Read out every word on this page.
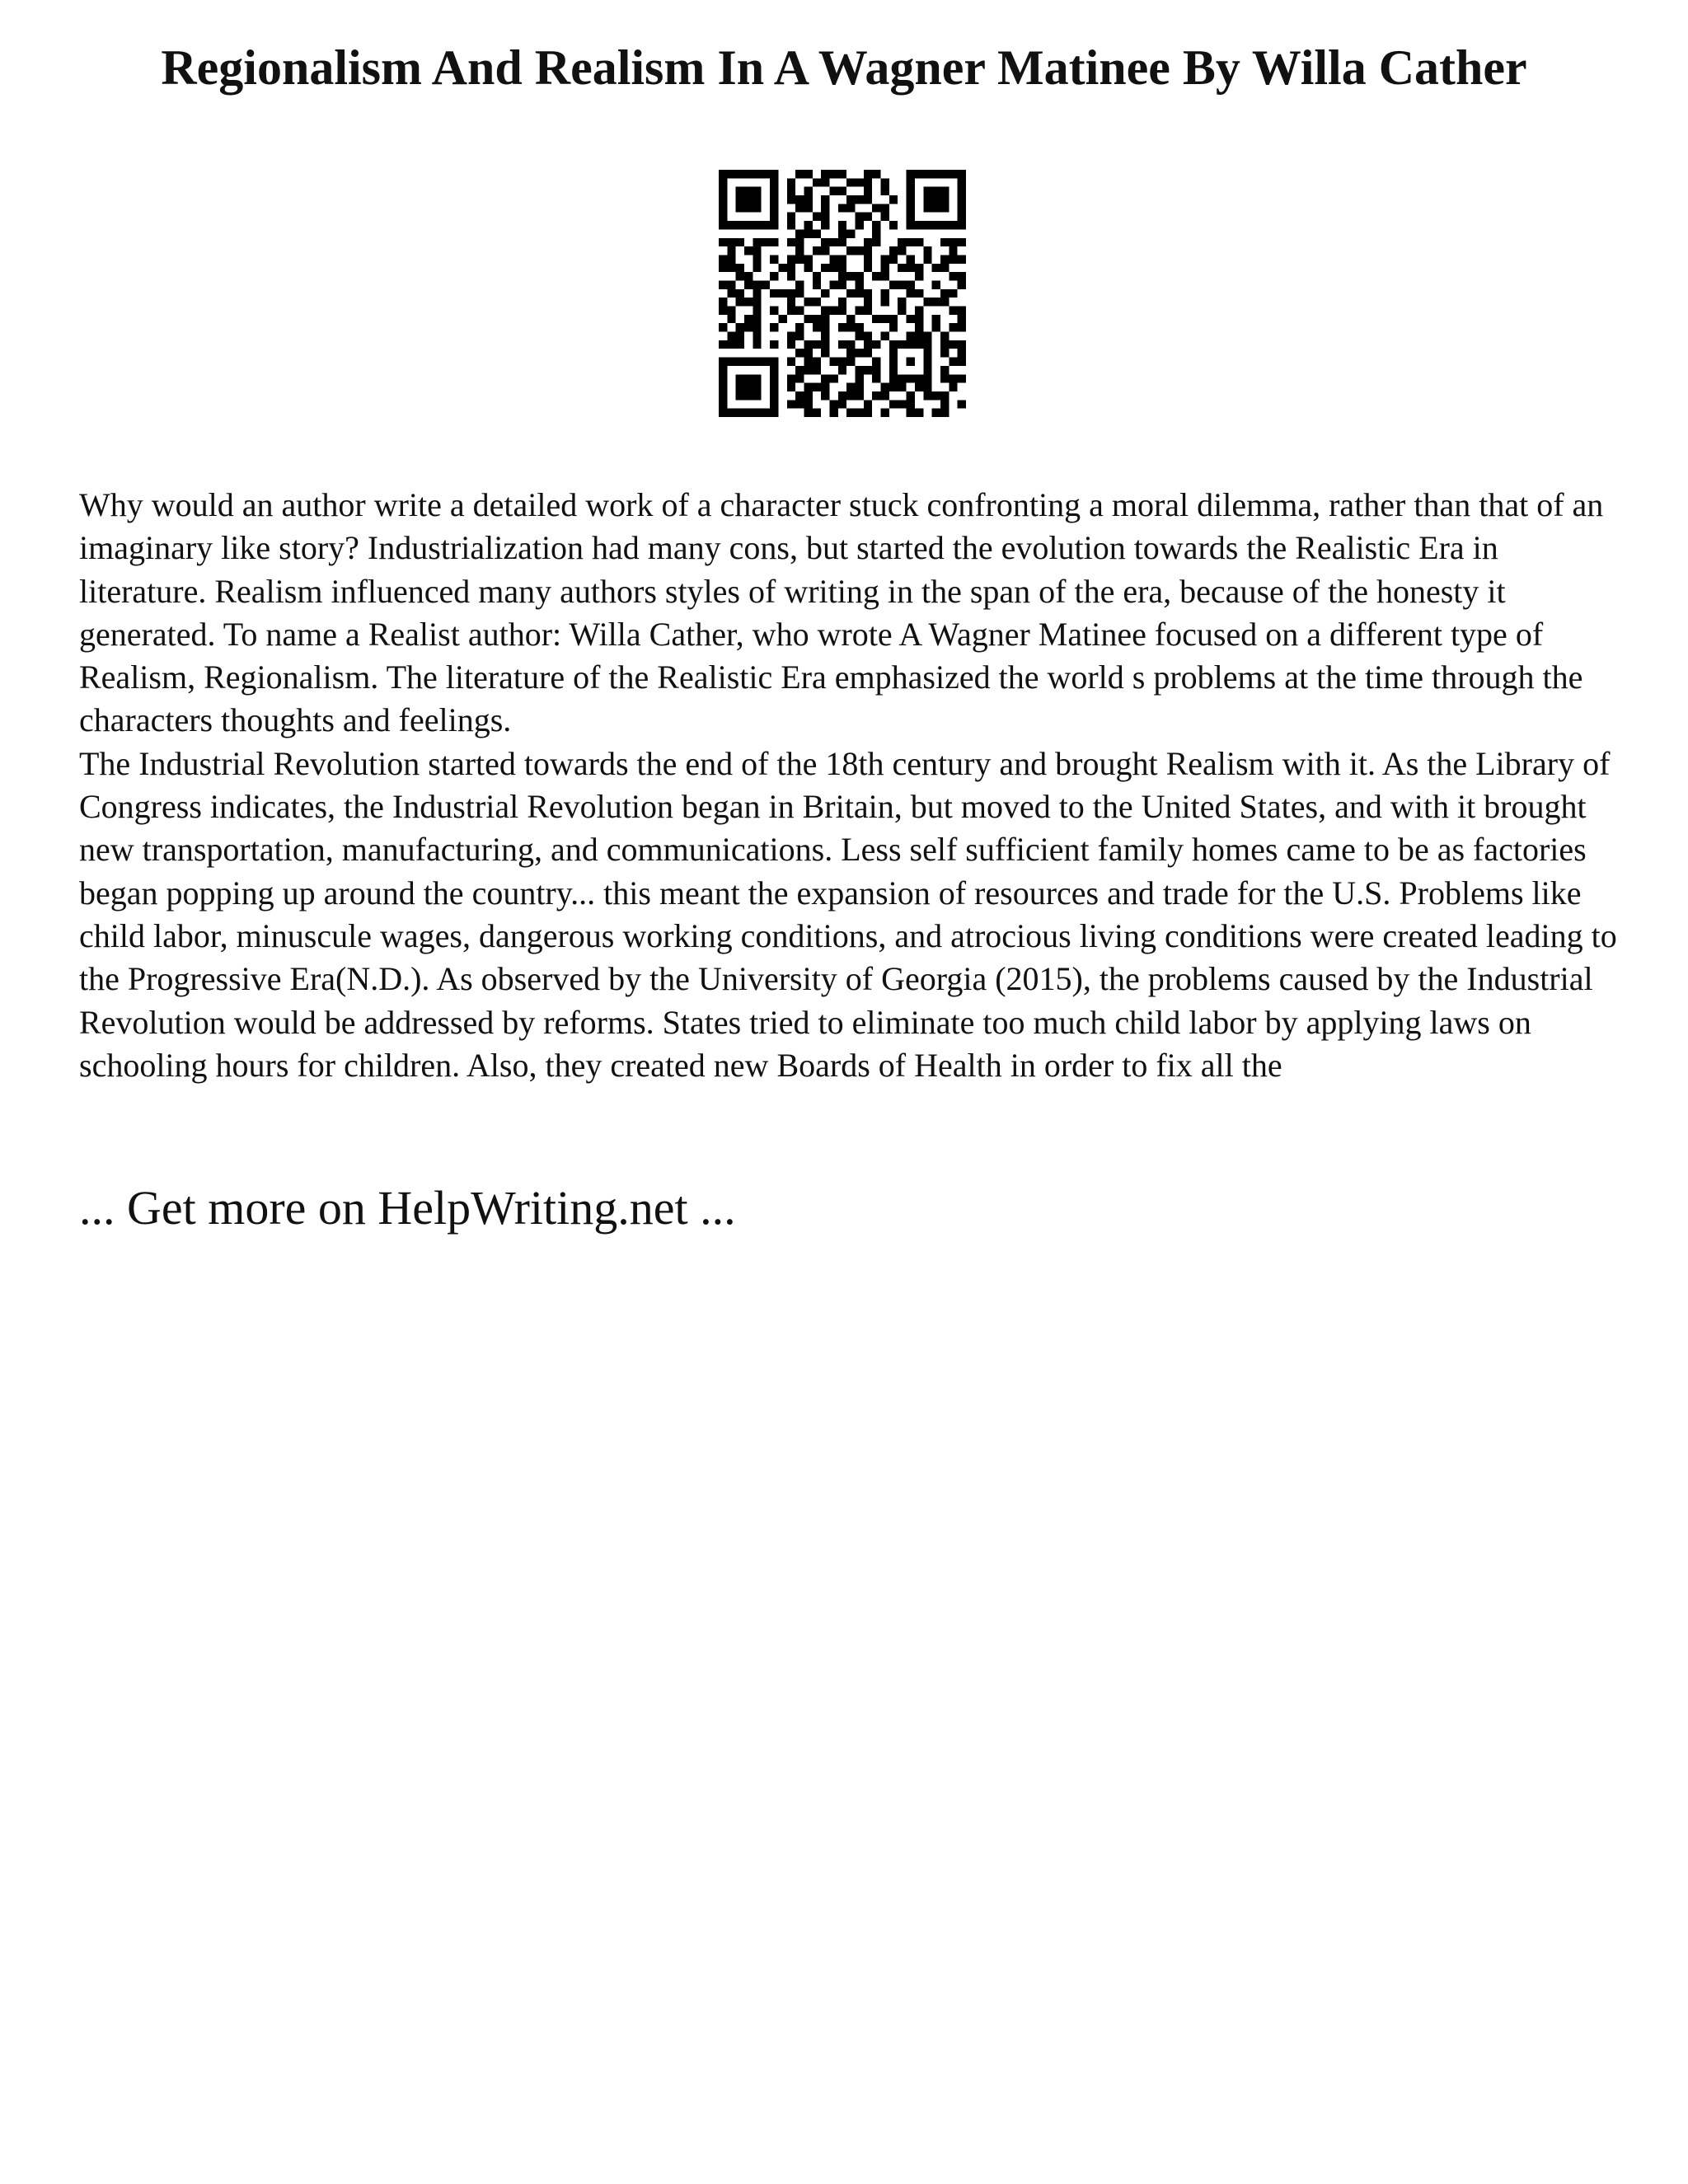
Regionalism And Realism In A Wagner Matinee By Willa Cather

Why would an author write a detailed work of a character stuck confronting a moral dilemma, rather than that of an imaginary like story? Industrialization had many cons, but started the evolution towards the Realistic Era in literature. Realism influenced many authors styles of writing in the span of the era, because of the honesty it generated. To name a Realist author: Willa Cather, who wrote A Wagner Matinee focused on a different type of Realism, Regionalism. The literature of the Realistic Era emphasized the world s problems at the time through the characters thoughts and feelings.

The Industrial Revolution started towards the end of the 18th century and brought Realism with it. As the Library of Congress indicates, the Industrial Revolution began in Britain, but moved to the United States, and with it brought new transportation, manufacturing, and communications. Less self sufficient family homes came to be as factories began popping up around the country... this meant the expansion of resources and trade for the U.S. Problems like child labor, minuscule wages, dangerous working conditions, and atrocious living conditions were created leading to the Progressive Era(N.D.). As observed by the University of Georgia (2015), the problems caused by the Industrial Revolution would be addressed by reforms. States tried to eliminate too much child labor by applying laws on schooling hours for children. Also, they created new Boards of Health in order to fix all the

... Get more on HelpWriting.net ...
